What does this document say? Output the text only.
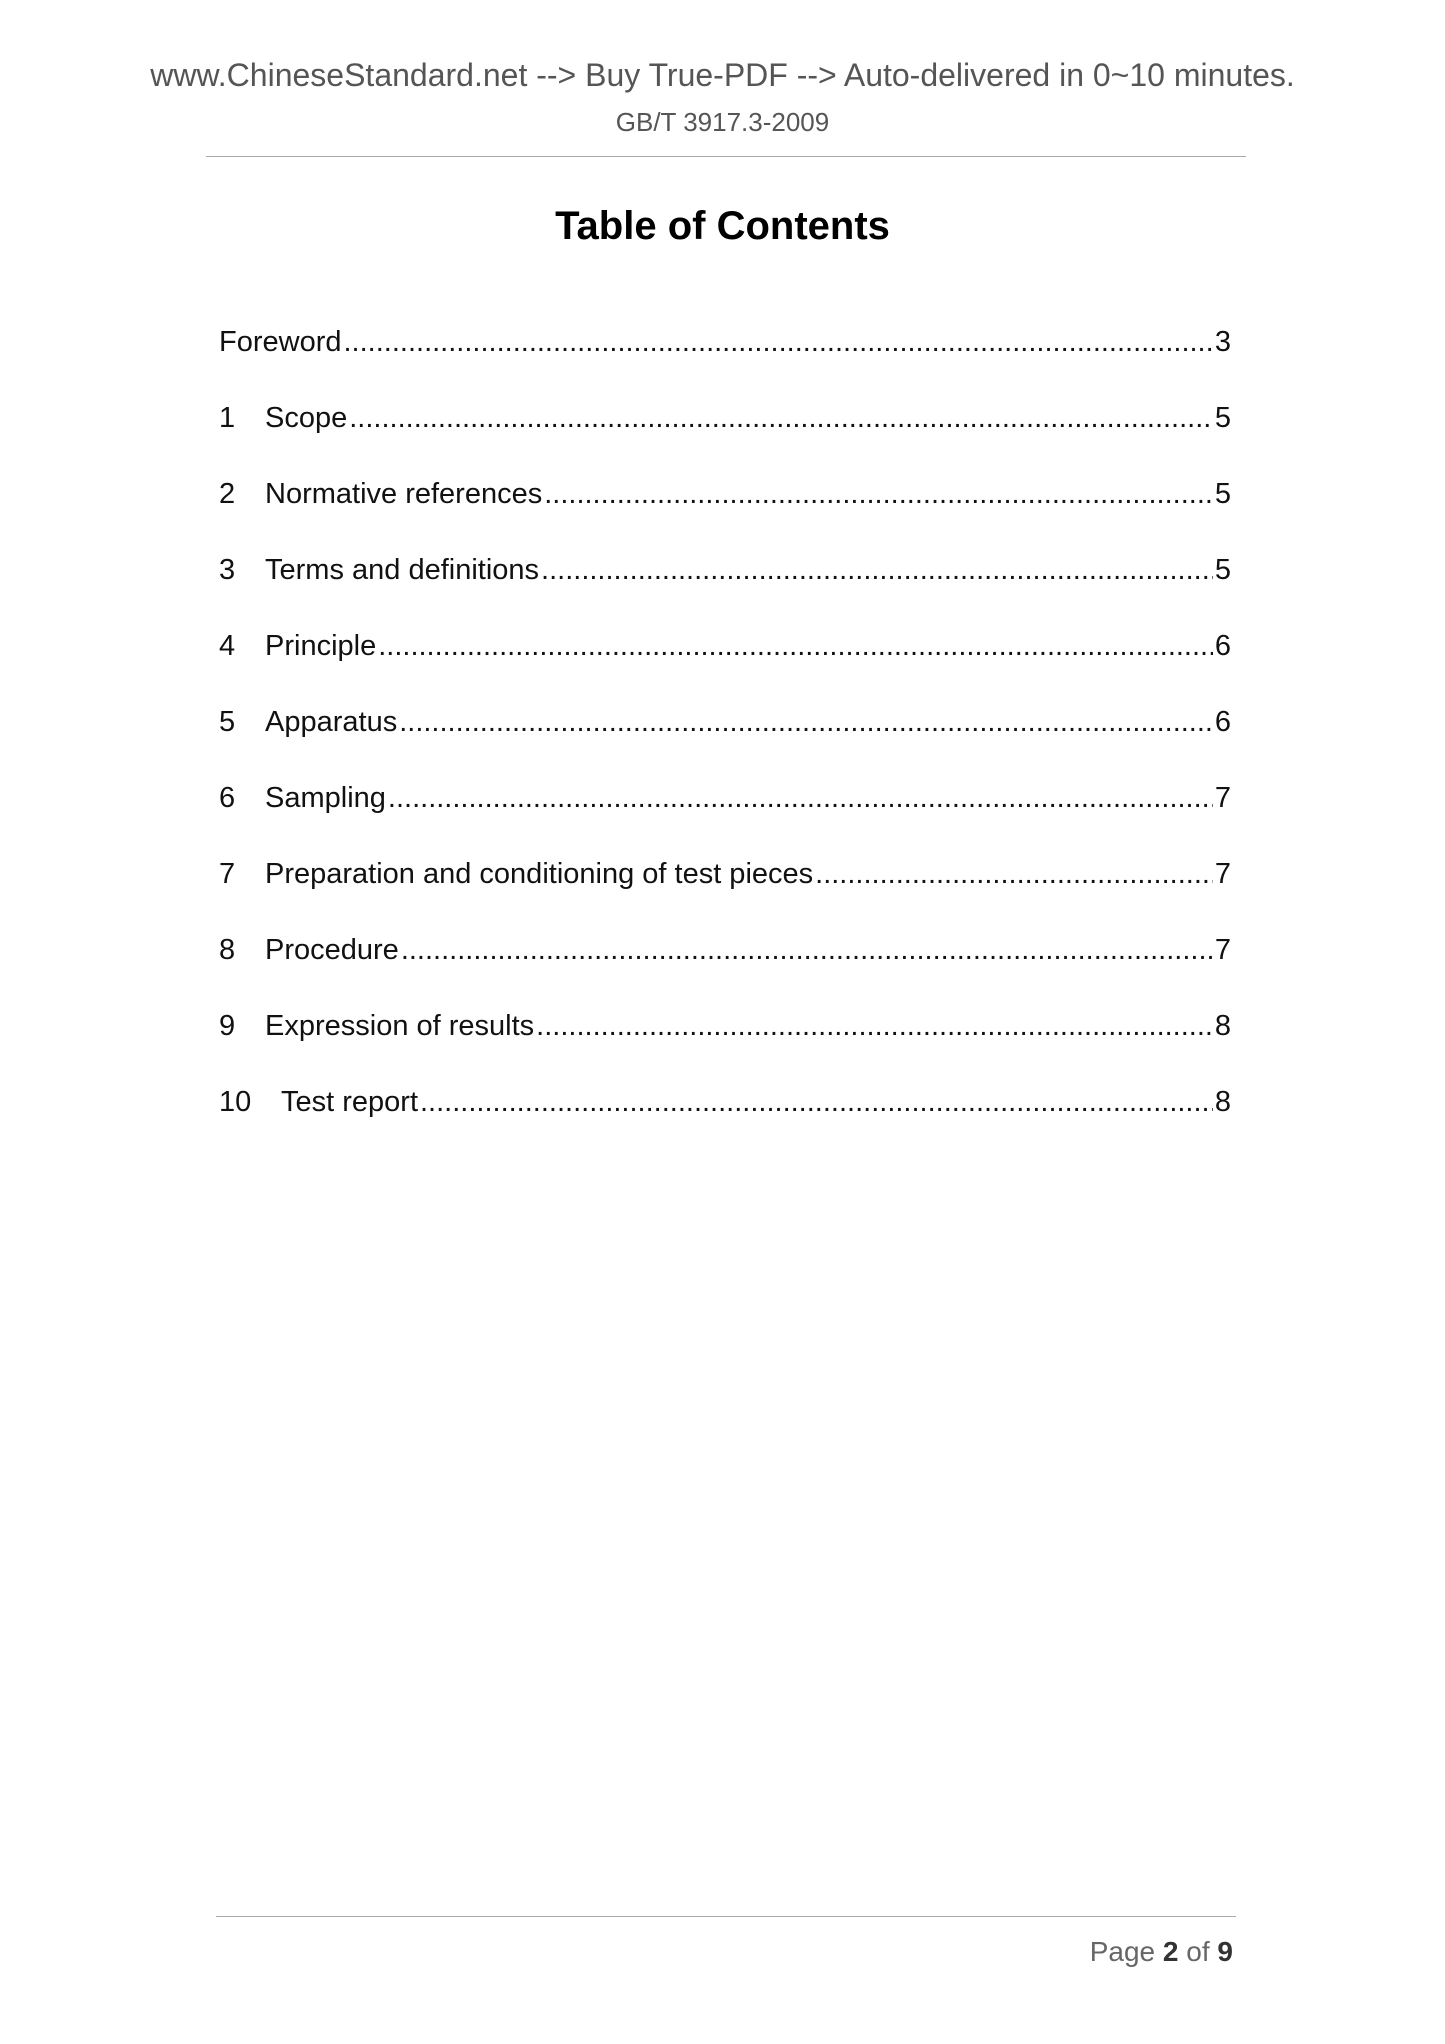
www.ChineseStandard.net --> Buy True-PDF --> Auto-delivered in 0~10 minutes.
GB/T 3917.3-2009
Table of Contents
Foreword .....	3
1	Scope .....	5
2	Normative references .....	5
3	Terms and definitions .....	5
4	Principle .....	6
5	Apparatus .....	6
6	Sampling .....	7
7	Preparation and conditioning of test pieces .....	7
8	Procedure .....	7
9	Expression of results .....	8
10	Test report .....	8
Page 2 of 9
